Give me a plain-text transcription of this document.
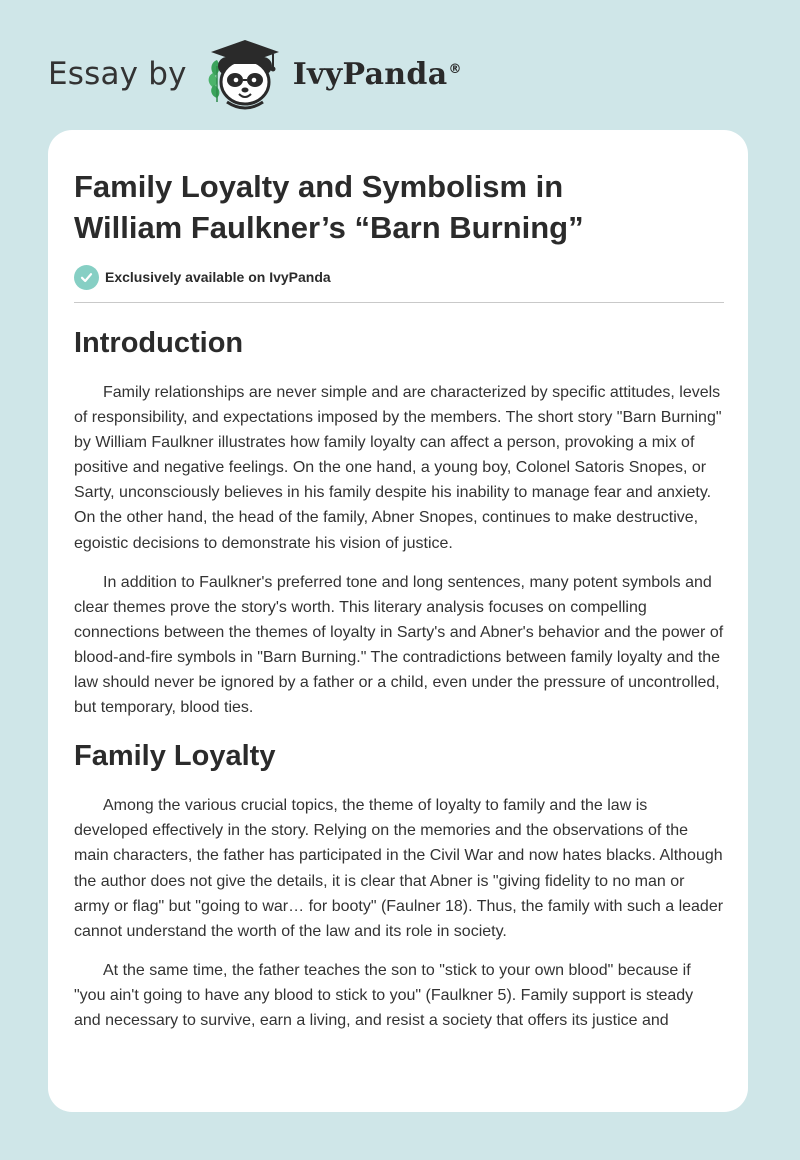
Essay by	IvyPanda®
Family Loyalty and Symbolism in
William Faulkner’s “Barn Burning”
Exclusively available on IvyPanda
Introduction

Family relationships are never simple and are characterized by specific attitudes, levels of responsibility, and expectations imposed by the members. The short story "Barn Burning" by William Faulkner illustrates how family loyalty can affect a person, provoking a mix of positive and negative feelings. On the one hand, a young boy, Colonel Satoris Snopes, or Sarty, unconsciously believes in his family despite his inability to manage fear and anxiety. On the other hand, the head of the family, Abner Snopes, continues to make destructive, egoistic decisions to demonstrate his vision of justice.

In addition to Faulkner's preferred tone and long sentences, many potent symbols and clear themes prove the story's worth. This literary analysis focuses on compelling connections between the themes of loyalty in Sarty's and Abner's behavior and the power of blood-and-fire symbols in "Barn Burning." The contradictions between family loyalty and the law should never be ignored by a father or a child, even under the pressure of uncontrolled, but temporary, blood ties.

Family Loyalty

Among the various crucial topics, the theme of loyalty to family and the law is developed effectively in the story. Relying on the memories and the observations of the main characters, the father has participated in the Civil War and now hates blacks. Although the author does not give the details, it is clear that Abner is "giving fidelity to no man or army or flag" but "going to war… for booty" (Faulner 18). Thus, the family with such a leader cannot understand the worth of the law and its role in society.

At the same time, the father teaches the son to "stick to your own blood" because if "you ain't going to have any blood to stick to you" (Faulkner 5). Family support is steady and necessary to survive, earn a living, and resist a society that offers its justice and
